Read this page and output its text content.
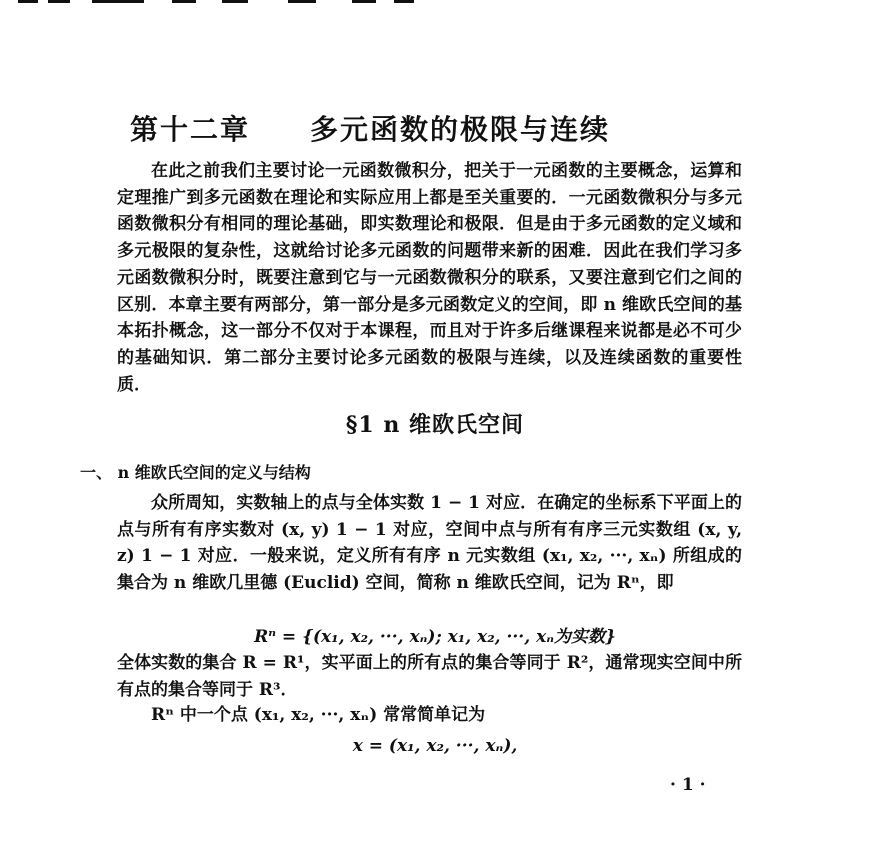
第十二章 多元函数的极限与连续

在此之前我们主要讨论一元函数微积分，把关于一元函数的主要概念，运算和定理推广到多元函数在理论和实际应用上都是至关重要的．一元函数微积分与多元函数微积分有相同的理论基础，即实数理论和极限．但是由于多元函数的定义域和多元极限的复杂性，这就给讨论多元函数的问题带来新的困难．因此在我们学习多元函数微积分时，既要注意到它与一元函数微积分的联系，又要注意到它们之间的区别．本章主要有两部分，第一部分是多元函数定义的空间，即 n 维欧氏空间的基本拓扑概念，这一部分不仅对于本课程，而且对于许多后继课程来说都是必不可少的基础知识．第二部分主要讨论多元函数的极限与连续，以及连续函数的重要性质．

§1 n 维欧氏空间
一、 n 维欧氏空间的定义与结构

众所周知，实数轴上的点与全体实数 1 − 1 对应．在确定的坐标系下平面上的点与所有有序实数对 (x, y) 1 − 1 对应，空间中点与所有有序三元实数组 (x, y, z) 1 − 1 对应．一般来说，定义所有有序 n 元实数组 (x₁, x₂, ···, xₙ) 所组成的集合为 n 维欧几里德 (Euclid) 空间，简称 n 维欧氏空间，记为 Rⁿ，即

Rⁿ = {(x₁, x₂, ···, xₙ); x₁, x₂, ···, xₙ为实数}

全体实数的集合 R = R¹，实平面上的所有点的集合等同于 R²，通常现实空间中所有点的集合等同于 R³．

Rⁿ 中一个点 (x₁, x₂, ···, xₙ) 常常简单记为

x = (x₁, x₂, ···, xₙ),
· 1 ·
